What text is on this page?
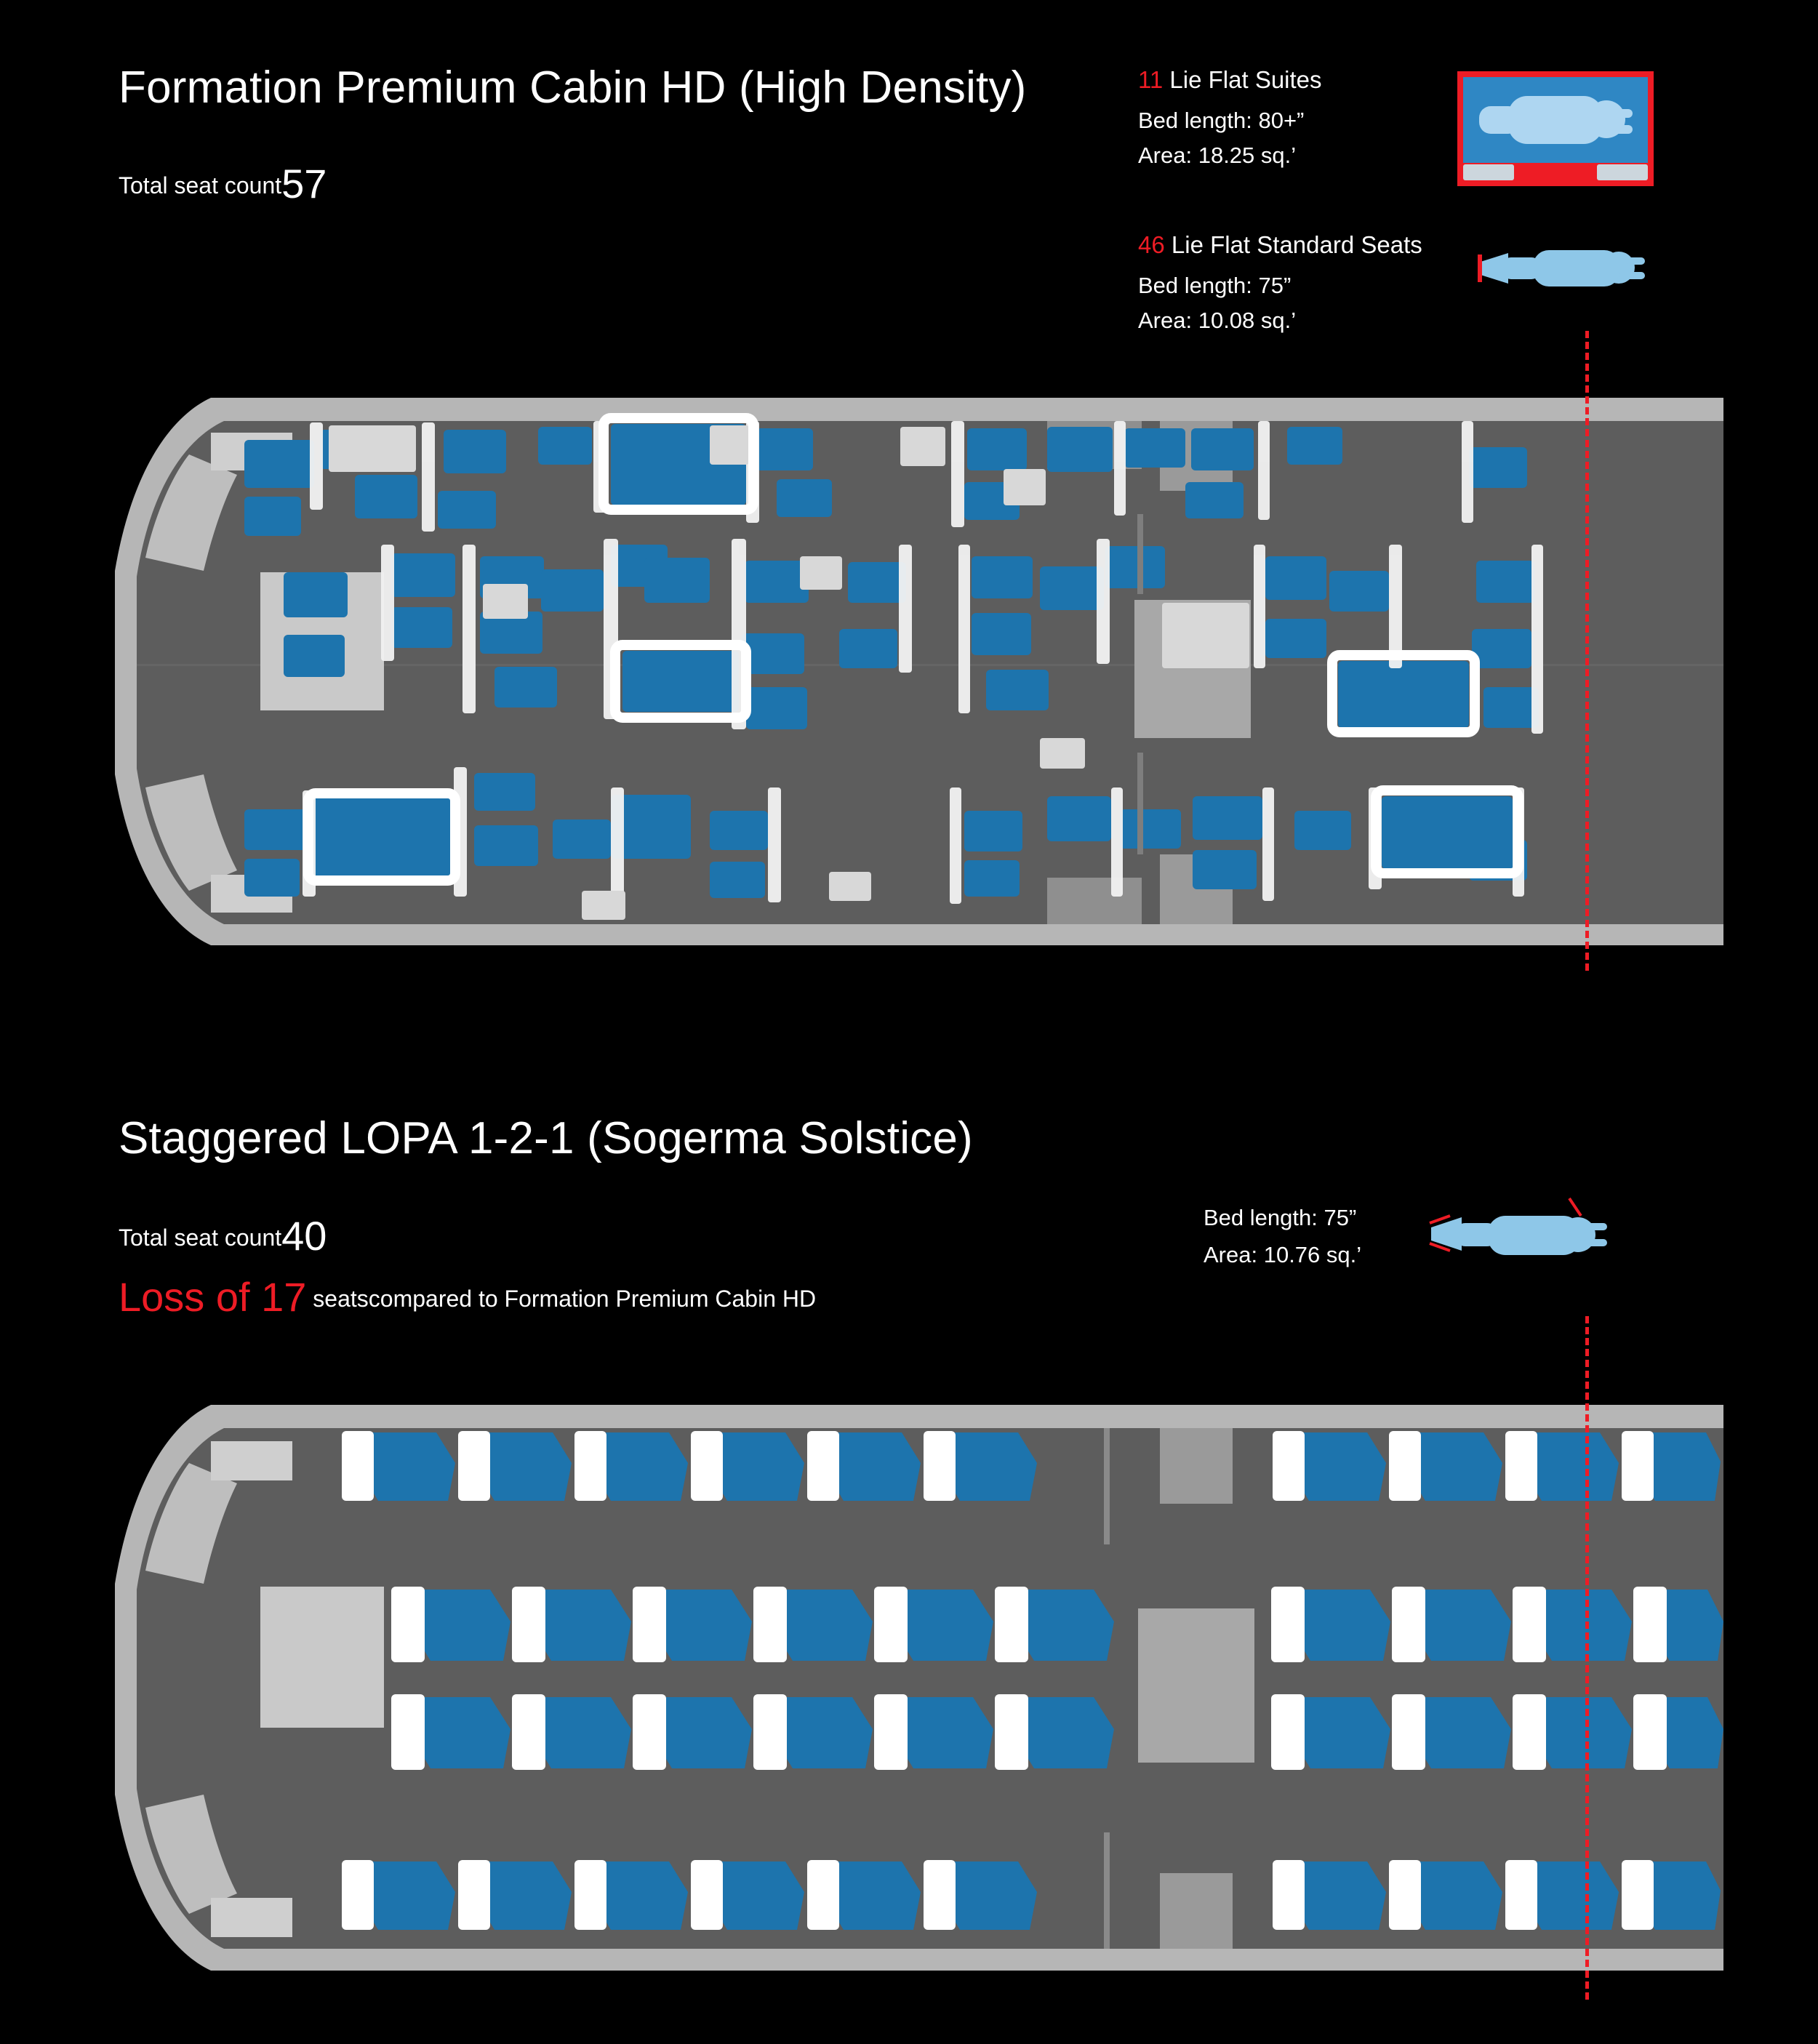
Formation Premium Cabin HD (High Density)
Total seat count57
11 Lie Flat Suites
Bed length: 80+”
Area: 18.25 sq.’
46 Lie Flat Standard Seats
Bed length: 75”
Area: 10.08 sq.’
Staggered LOPA 1-2-1 (Sogerma Solstice)
Total seat count40
Loss of 17 seatscompared to Formation Premium Cabin HD
Bed length: 75”
Area: 10.76 sq.’
